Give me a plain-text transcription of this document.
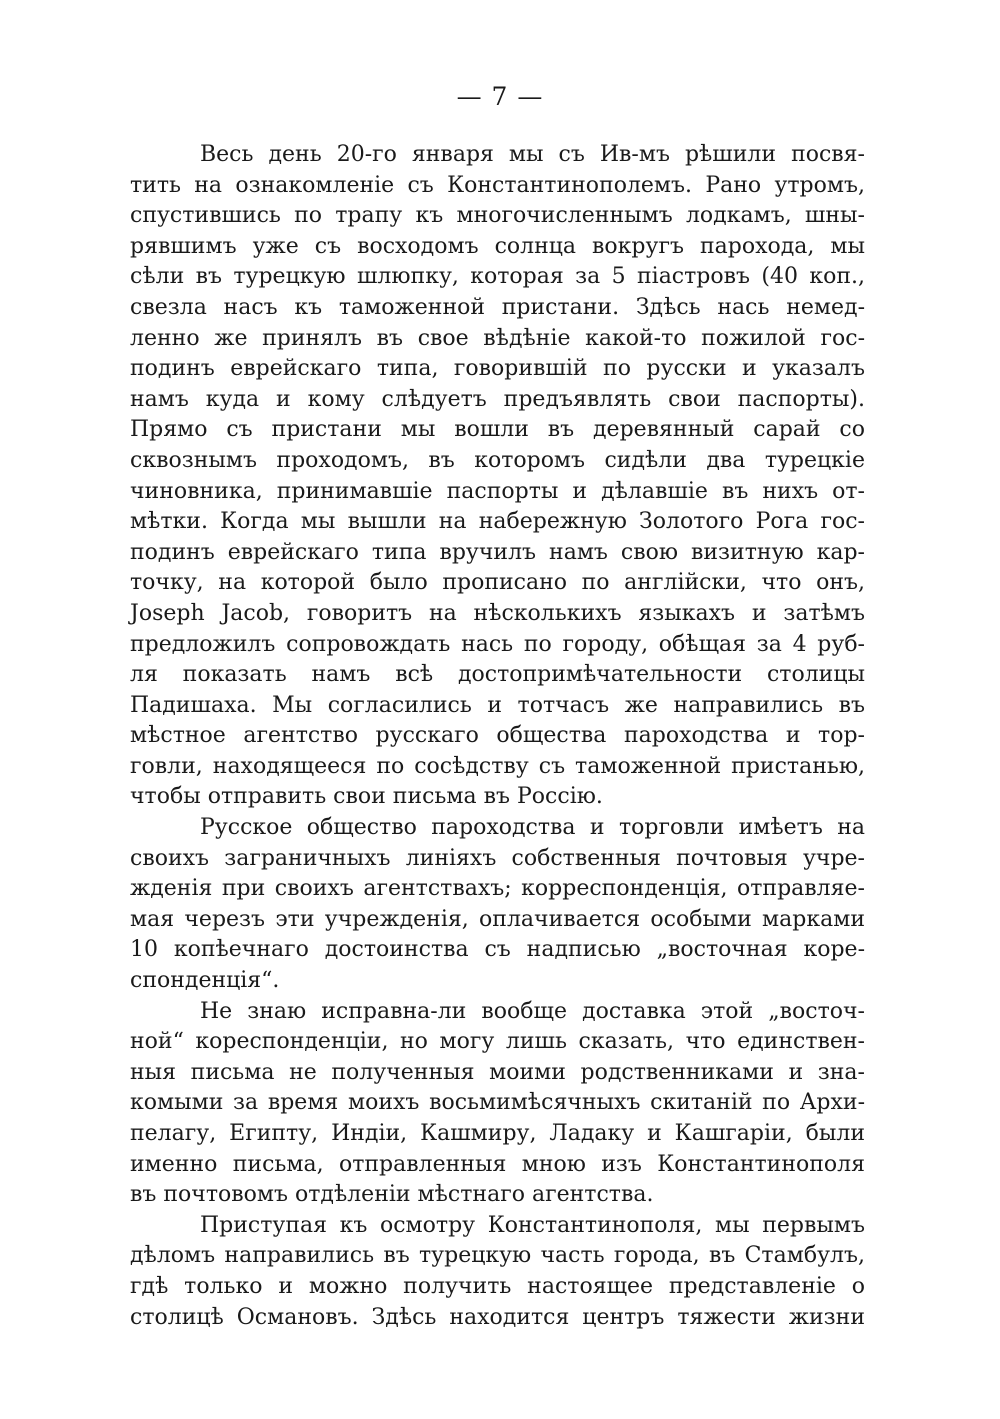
— 7 —
Весь день 20-го января мы съ Ив-мъ рѣшили посвя-
тить на ознакомленіе съ Константинополемъ. Рано утромъ,
спустившись по трапу къ многочисленнымъ лодкамъ, шны-
рявшимъ уже съ восходомъ солнца вокругъ парохода, мы
сѣли въ турецкую шлюпку, которая за 5 піастровъ (40 коп.,
свезла насъ къ таможенной пристани. Здѣсь нась немед-
ленно же принялъ въ свое вѣдѣніе какой-то пожилой гос-
подинъ еврейскаго типа, говорившій по русски и указалъ
намъ куда и кому слѣдуетъ предъявлять свои паспорты).
Прямо съ пристани мы вошли въ деревянный сарай со
сквознымъ проходомъ, въ которомъ сидѣли два турецкіе
чиновника, принимавшіе паспорты и дѣлавшіе въ нихъ от-
мѣтки. Когда мы вышли на набережную Золотого Рога гос-
подинъ еврейскаго типа вручилъ намъ свою визитную кар-
точку, на которой было прописано по англійски, что онъ,
Joseph Jacob, говоритъ на нѣсколькихъ языкахъ и затѣмъ
предложилъ сопровождать нась по городу, обѣщая за 4 руб-
ля показать намъ всѣ достопримѣчательности столицы
Падишаха. Мы согласились и тотчасъ же направились въ
мѣстное агентство русскаго общества пароходства и тор-
говли, находящееся по сосѣдству съ таможенной пристанью,
чтобы отправить свои письма въ Россію.
Русское общество пароходства и торговли имѣетъ на
своихъ заграничныхъ линіяхъ собственныя почтовыя учре-
жденія при своихъ агентствахъ; корреспонденція, отправляе-
мая черезъ эти учрежденія, оплачивается особыми марками
10 копѣечнаго достоинства съ надписью „восточная коре-
спонденція“.
Не знаю исправна-ли вообще доставка этой „восточ-
ной“ кореспонденціи, но могу лишь сказать, что единствен-
ныя письма не полученныя моими родственниками и зна-
комыми за время моихъ восьмимѣсячныхъ скитаній по Архи-
пелагу, Египту, Индіи, Кашмиру, Ладаку и Кашгаріи, были
именно письма, отправленныя мною изъ Константинополя
въ почтовомъ отдѣленіи мѣстнаго агентства.
Приступая къ осмотру Константинополя, мы первымъ
дѣломъ направились въ турецкую часть города, въ Стамбулъ,
гдѣ только и можно получить настоящее представленіе о
столицѣ Османовъ. Здѣсь находится центръ тяжести жизни
